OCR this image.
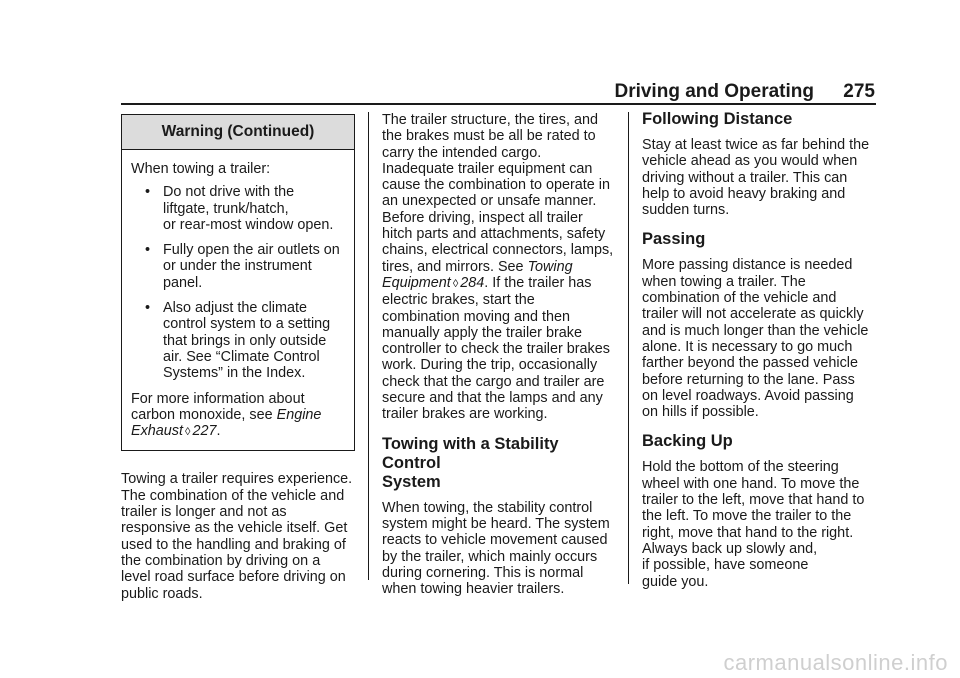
Driving and Operating 275
Warning (Continued)

When towing a trailer:

• Do not drive with the
liftgate, trunk/hatch,
or rear-most window open.
• Fully open the air outlets on
or under the instrument
panel.
• Also adjust the climate
control system to a setting
that brings in only outside
air. See “Climate Control
Systems” in the Index.

For more information about
carbon monoxide, see Engine
Exhaust ◊ 227.

Towing a trailer requires experience.
The combination of the vehicle and
trailer is longer and not as
responsive as the vehicle itself. Get
used to the handling and braking of
the combination by driving on a
level road surface before driving on
public roads.

The trailer structure, the tires, and
the brakes must be all be rated to
carry the intended cargo.
Inadequate trailer equipment can
cause the combination to operate in
an unexpected or unsafe manner.
Before driving, inspect all trailer
hitch parts and attachments, safety
chains, electrical connectors, lamps,
tires, and mirrors. See Towing
Equipment ◊ 284. If the trailer has
electric brakes, start the
combination moving and then
manually apply the trailer brake
controller to check the trailer brakes
work. During the trip, occasionally
check that the cargo and trailer are
secure and that the lamps and any
trailer brakes are working.

Towing with a Stability Control
System

When towing, the stability control
system might be heard. The system
reacts to vehicle movement caused
by the trailer, which mainly occurs
during cornering. This is normal
when towing heavier trailers.

Following Distance

Stay at least twice as far behind the
vehicle ahead as you would when
driving without a trailer. This can
help to avoid heavy braking and
sudden turns.

Passing

More passing distance is needed
when towing a trailer. The
combination of the vehicle and
trailer will not accelerate as quickly
and is much longer than the vehicle
alone. It is necessary to go much
farther beyond the passed vehicle
before returning to the lane. Pass
on level roadways. Avoid passing
on hills if possible.

Backing Up

Hold the bottom of the steering
wheel with one hand. To move the
trailer to the left, move that hand to
the left. To move the trailer to the
right, move that hand to the right.
Always back up slowly and,
if possible, have someone
guide you.

carmanualsonline.info
